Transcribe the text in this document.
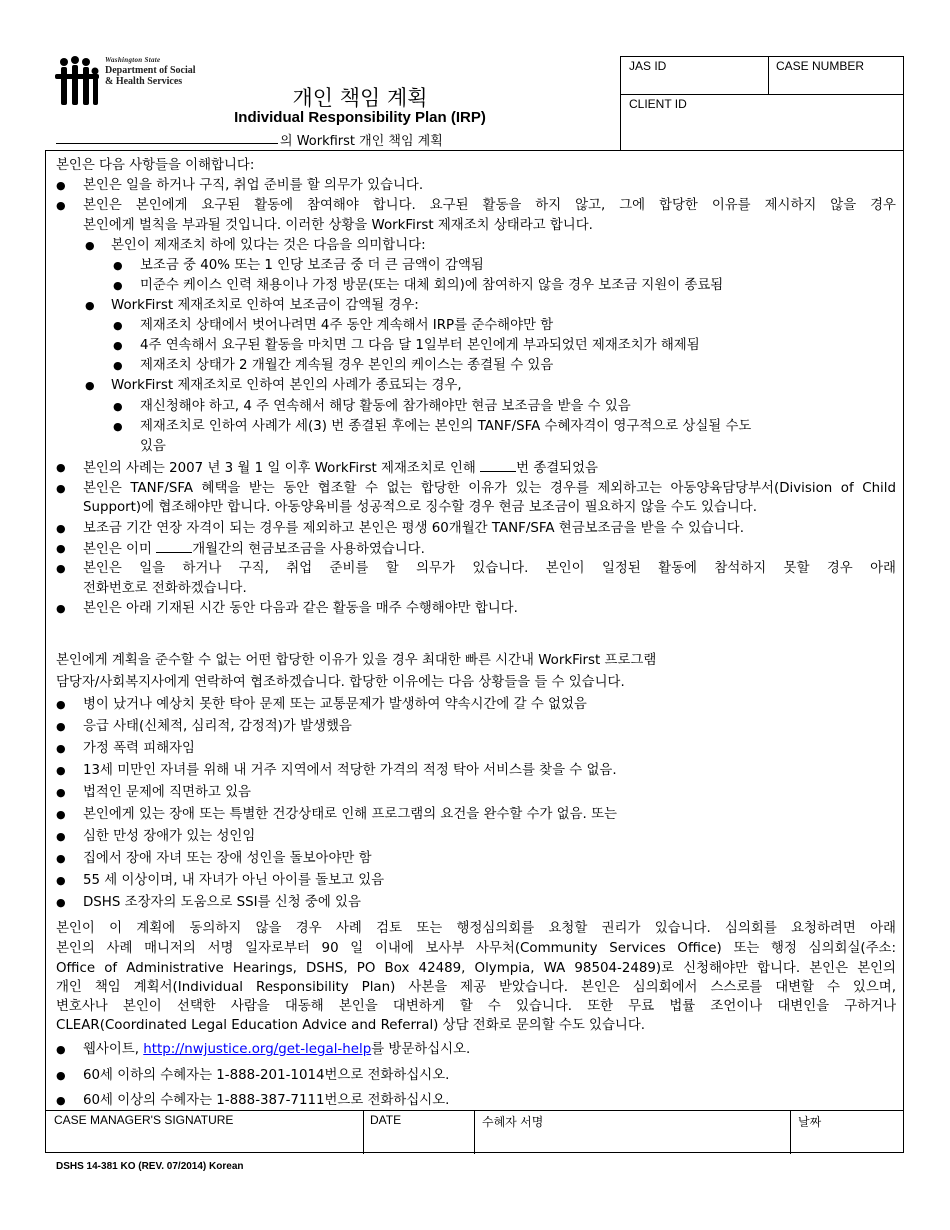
Washington State
Department of Social
& Health Services
개인 책임 계획
Individual Responsibility Plan (IRP)
의 Workfirst 개인 책임 계획
JAS ID	CASE NUMBER
CLIENT ID
본인은 다음 사항들을 이해합니다:
● 본인은 일을 하거나 구직, 취업 준비를 할 의무가 있습니다.
● 본인은 본인에게 요구된 활동에 참여해야 합니다. 요구된 활동을 하지 않고, 그에 합당한 이유를 제시하지 않을 경우
본인에게 벌칙을 부과될 것입니다. 이러한 상황을 WorkFirst 제재조치 상태라고 합니다.
● 본인이 제재조치 하에 있다는 것은 다음을 의미합니다:
● 보조금 중 40% 또는 1 인당 보조금 중 더 큰 금액이 감액됨
● 미준수 케이스 인력 채용이나 가정 방문(또는 대체 회의)에 참여하지 않을 경우 보조금 지원이 종료됨
● WorkFirst 제재조치로 인하여 보조금이 감액될 경우:
● 제재조치 상태에서 벗어나려면 4주 동안 계속해서 IRP를 준수해야만 함
● 4주 연속해서 요구된 활동을 마치면 그 다음 달 1일부터 본인에게 부과되었던 제재조치가 해제됨
● 제재조치 상태가 2 개월간 계속될 경우 본인의 케이스는 종결될 수 있음
● WorkFirst 제재조치로 인하여 본인의 사례가 종료되는 경우,
● 재신청해야 하고, 4 주 연속해서 해당 활동에 참가해야만 현금 보조금을 받을 수 있음
● 제재조치로 인하여 사례가 세(3) 번 종결된 후에는 본인의 TANF/SFA 수혜자격이 영구적으로 상실될 수도
있음
● 본인의 사례는 2007 년 3 월 1 일 이후 WorkFirst 제재조치로 인해	번 종결되었음
● 본인은 TANF/SFA 혜택을 받는 동안 협조할 수 없는 합당한 이유가 있는 경우를 제외하고는 아동양육담당부서(Division of Child
Support)에 협조해야만 합니다. 아동양육비를 성공적으로 징수할 경우 현금 보조금이 필요하지 않을 수도 있습니다.
● 보조금 기간 연장 자격이 되는 경우를 제외하고 본인은 평생 60개월간 TANF/SFA 현금보조금을 받을 수 있습니다.
● 본인은 이미	개월간의 현금보조금을 사용하였습니다.
● 본인은 일을 하거나 구직, 취업 준비를 할 의무가 있습니다. 본인이 일정된 활동에 참석하지 못할 경우 아래
전화번호로 전화하겠습니다.
● 본인은 아래 기재된 시간 동안 다음과 같은 활동을 매주 수행해야만 합니다.
본인에게 계획을 준수할 수 없는 어떤 합당한 이유가 있을 경우 최대한 빠른 시간내 WorkFirst 프로그램
담당자/사회복지사에게 연락하여 협조하겠습니다. 합당한 이유에는 다음 상황들을 들 수 있습니다.
● 병이 났거나 예상치 못한 탁아 문제 또는 교통문제가 발생하여 약속시간에 갈 수 없었음
● 응급 사태(신체적, 심리적, 감정적)가 발생했음
● 가정 폭력 피해자임
● 13세 미만인 자녀를 위해 내 거주 지역에서 적당한 가격의 적정 탁아 서비스를 찾을 수 없음.
● 법적인 문제에 직면하고 있음
● 본인에게 있는 장애 또는 특별한 건강상태로 인해 프로그램의 요건을 완수할 수가 없음. 또는
● 심한 만성 장애가 있는 성인임
● 집에서 장애 자녀 또는 장애 성인을 돌보아야만 함
● 55 세 이상이며, 내 자녀가 아닌 아이를 돌보고 있음
● DSHS 조장자의 도움으로 SSI를 신청 중에 있음
본인이 이 계획에 동의하지 않을 경우 사례 검토 또는 행정심의회를 요청할 권리가 있습니다. 심의회를 요청하려면 아래
본인의 사례 매니저의 서명 일자로부터 90 일 이내에 보사부 사무처(Community Services Office) 또는 행정 심의회실(주소:
Office of Administrative Hearings, DSHS, PO Box 42489, Olympia, WA 98504-2489)로 신청해야만 합니다. 본인은 본인의
개인 책임 계획서(Individual Responsibility Plan) 사본을 제공 받았습니다. 본인은 심의회에서 스스로를 대변할 수 있으며,
변호사나 본인이 선택한 사람을 대동해 본인을 대변하게 할 수 있습니다. 또한 무료 법률 조언이나 대변인을 구하거나
CLEAR(Coordinated Legal Education Advice and Referral) 상담 전화로 문의할 수도 있습니다.
● 웹사이트, http://nwjustice.org/get-legal-help를 방문하십시오.
● 60세 이하의 수혜자는 1-888-201-1014번으로 전화하십시오.
● 60세 이상의 수혜자는 1-888-387-7111번으로 전화하십시오.
CASE MANAGER'S SIGNATURE	DATE	수혜자 서명	날짜
DSHS 14-381 KO (REV. 07/2014) Korean
